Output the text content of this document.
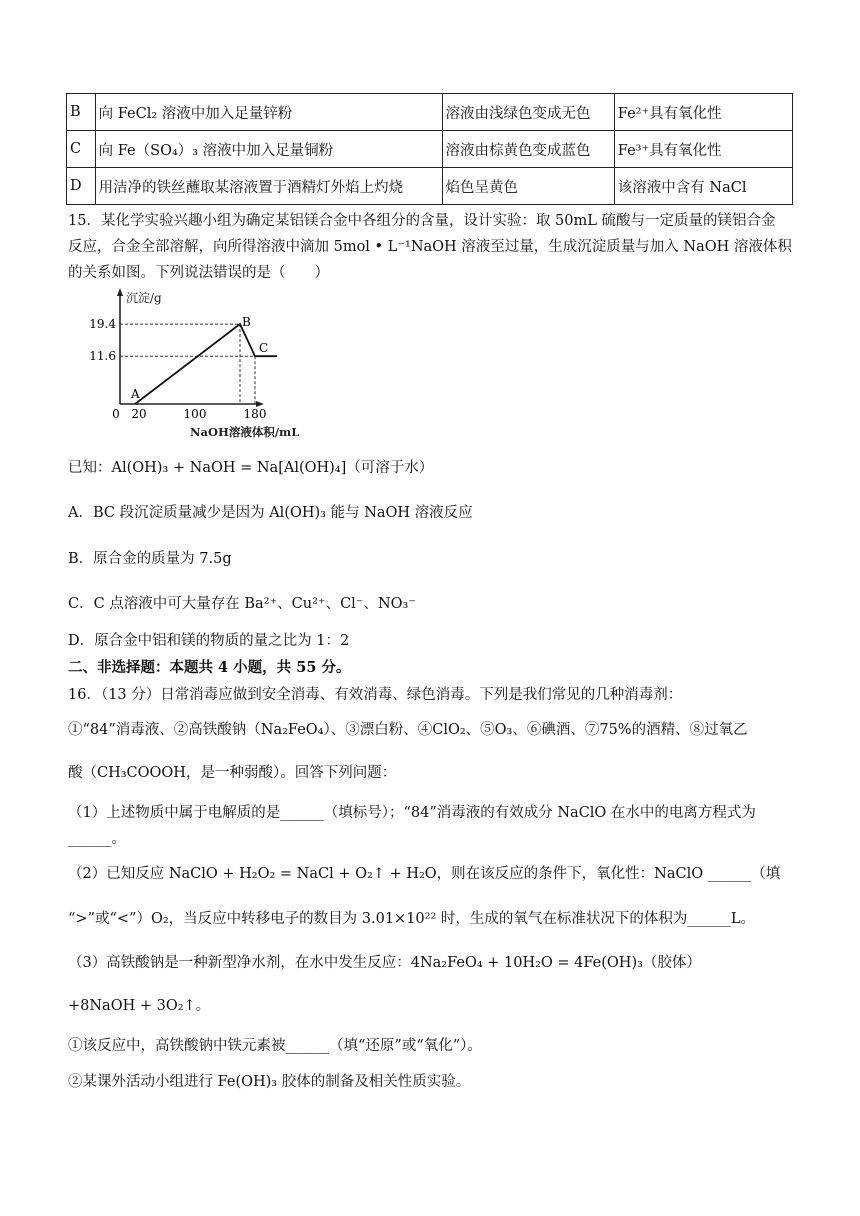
B	向 FeCl₂ 溶液中加入足量锌粉	溶液由浅绿色变成无色	Fe²⁺具有氧化性
C	向 Fe（SO₄）₃ 溶液中加入足量铜粉	溶液由棕黄色变成蓝色	Fe³⁺具有氧化性
D	用洁净的铁丝蘸取某溶液置于酒精灯外焰上灼烧	焰色呈黄色	该溶液中含有 NaCl
15．某化学实验兴趣小组为确定某铝镁合金中各组分的含量，设计实验：取 50mL 硫酸与一定质量的镁铝合金
反应，合金全部溶解，向所得溶液中滴加 5mol • L⁻¹NaOH 溶液至过量，生成沉淀质量与加入 NaOH 溶液体积
的关系如图。下列说法错误的是（　　）
沉淀/g
NaOH溶液体积/mL
A
B
C
19.4
11.6
0 20	100	180
已知：Al(OH)₃ + NaOH = Na[Al(OH)₄]（可溶于水）
A．BC 段沉淀质量减少是因为 Al(OH)₃ 能与 NaOH 溶液反应
B．原合金的质量为 7.5g
C．C 点溶液中可大量存在 Ba²⁺、Cu²⁺、Cl⁻、NO₃⁻
D．原合金中铝和镁的物质的量之比为 1：2
二、非选择题：本题共 4 小题，共 55 分。
16．（13 分）日常消毒应做到安全消毒、有效消毒、绿色消毒。下列是我们常见的几种消毒剂：
①“84”消毒液、②高铁酸钠（Na₂FeO₄）、③漂白粉、④ClO₂、⑤O₃、⑥碘酒、⑦75%的酒精、⑧过氧乙
酸（CH₃COOOH，是一种弱酸）。回答下列问题：
（1）上述物质中属于电解质的是______（填标号）；“84”消毒液的有效成分 NaClO 在水中的电离方程式为
______。
（2）已知反应 NaClO + H₂O₂ = NaCl + O₂↑ + H₂O，则在该反应的条件下，氧化性：NaClO ______（填
“>”或“<”）O₂，当反应中转移电子的数目为 3.01×10²² 时，生成的氧气在标准状况下的体积为______L。
（3）高铁酸钠是一种新型净水剂，在水中发生反应：4Na₂FeO₄ + 10H₂O = 4Fe(OH)₃（胶体）
+8NaOH + 3O₂↑。
①该反应中，高铁酸钠中铁元素被______（填“还原”或“氧化”）。
②某课外活动小组进行 Fe(OH)₃ 胶体的制备及相关性质实验。
